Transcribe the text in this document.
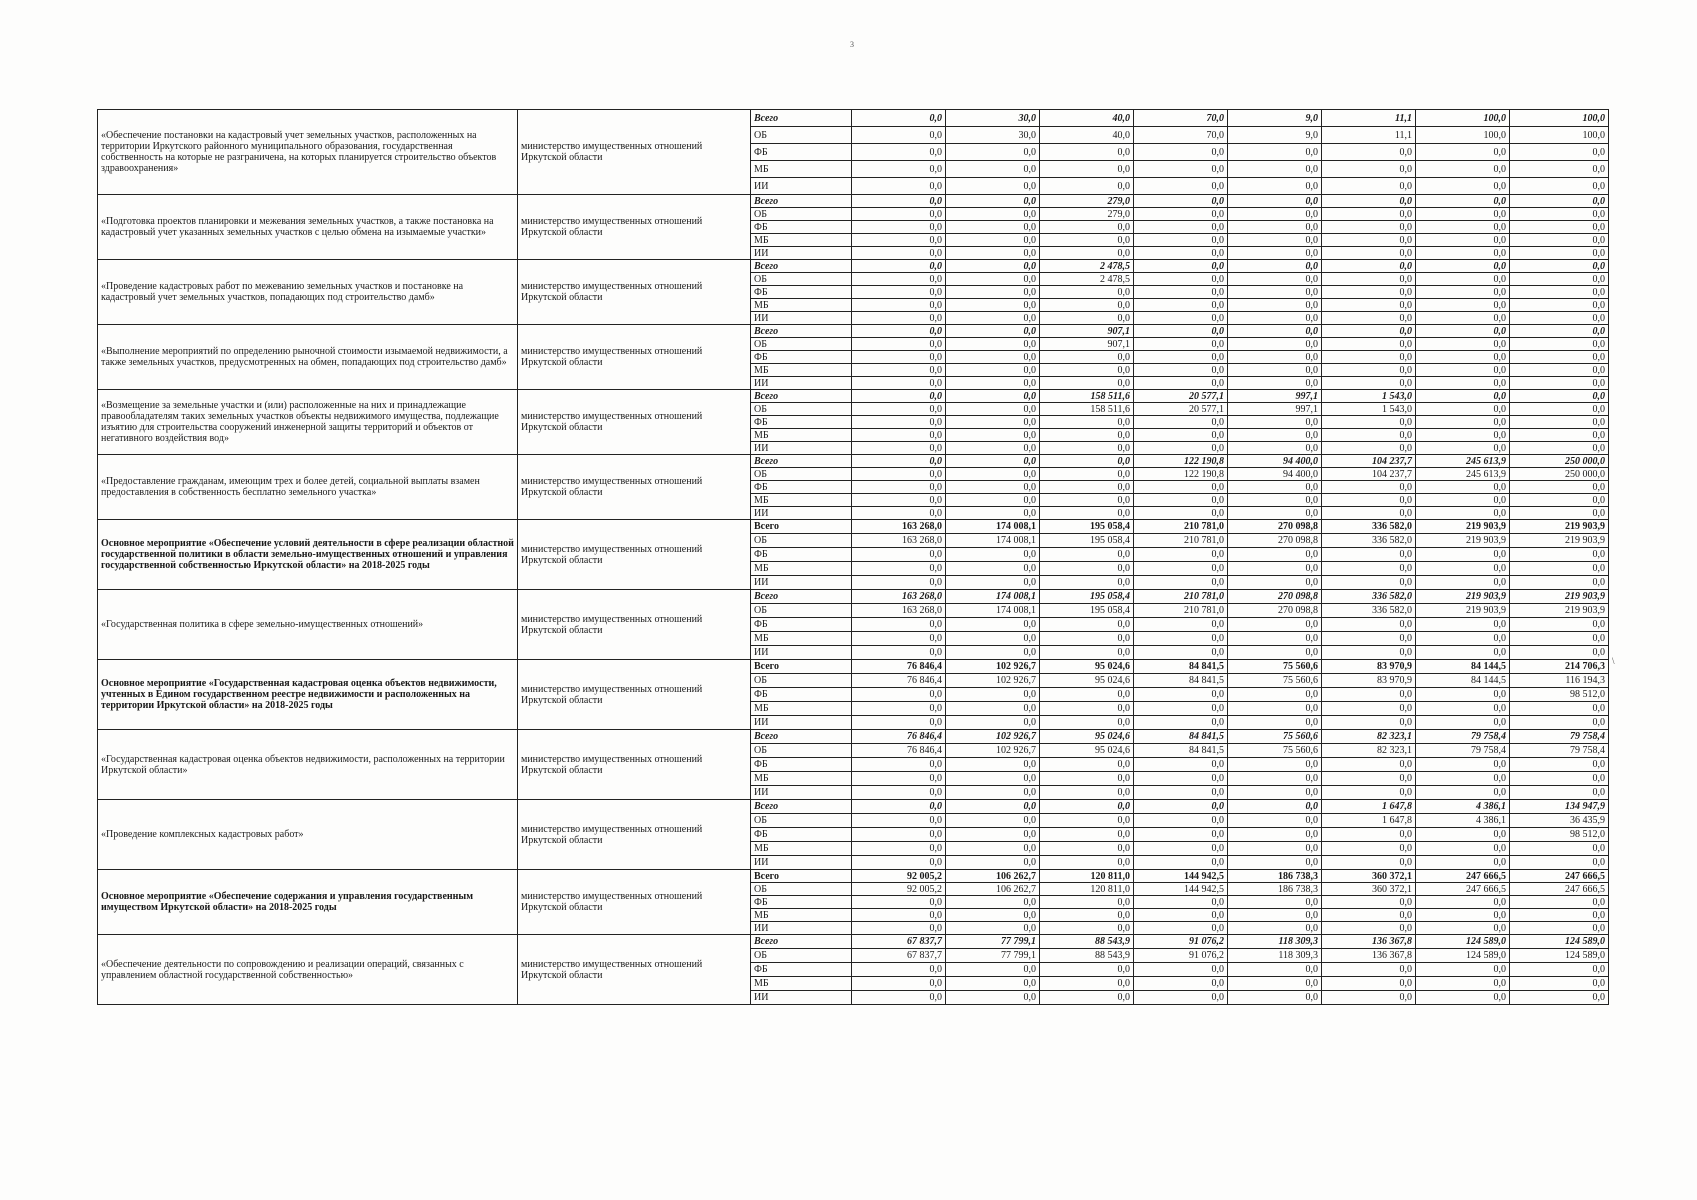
3
«Обеспечение постановки на кадастровый учет земельных участков, расположенных на территории Иркутского районного муниципального образования, государственная собственность на которые не разграничена, на которых планируется строительство объектов здравоохранения»	министерство имущественных отношений Иркутской области	Всего	0,0	30,0	40,0	70,0	9,0	11,1	100,0	100,0
		ОБ	0,0	30,0	40,0	70,0	9,0	11,1	100,0	100,0
		ФБ	0,0	0,0	0,0	0,0	0,0	0,0	0,0	0,0
		МБ	0,0	0,0	0,0	0,0	0,0	0,0	0,0	0,0
		ИИ	0,0	0,0	0,0	0,0	0,0	0,0	0,0	0,0
«Подготовка проектов планировки и межевания земельных участков, а также постановка на кадастровый учет указанных земельных участков с целью обмена на изымаемые участки»	министерство имущественных отношений Иркутской области	Всего	0,0	0,0	279,0	0,0	0,0	0,0	0,0	0,0
		ОБ	0,0	0,0	279,0	0,0	0,0	0,0	0,0	0,0
		ФБ	0,0	0,0	0,0	0,0	0,0	0,0	0,0	0,0
		МБ	0,0	0,0	0,0	0,0	0,0	0,0	0,0	0,0
		ИИ	0,0	0,0	0,0	0,0	0,0	0,0	0,0	0,0
«Проведение кадастровых работ по межеванию земельных участков и постановке на кадастровый учет земельных участков, попадающих под строительство дамб»	министерство имущественных отношений Иркутской области	Всего	0,0	0,0	2 478,5	0,0	0,0	0,0	0,0	0,0
		ОБ	0,0	0,0	2 478,5	0,0	0,0	0,0	0,0	0,0
		ФБ	0,0	0,0	0,0	0,0	0,0	0,0	0,0	0,0
		МБ	0,0	0,0	0,0	0,0	0,0	0,0	0,0	0,0
		ИИ	0,0	0,0	0,0	0,0	0,0	0,0	0,0	0,0
«Выполнение мероприятий по определению рыночной стоимости изымаемой недвижимости, а также земельных участков, предусмотренных на обмен, попадающих под строительство дамб»	министерство имущественных отношений Иркутской области	Всего	0,0	0,0	907,1	0,0	0,0	0,0	0,0	0,0
		ОБ	0,0	0,0	907,1	0,0	0,0	0,0	0,0	0,0
		ФБ	0,0	0,0	0,0	0,0	0,0	0,0	0,0	0,0
		МБ	0,0	0,0	0,0	0,0	0,0	0,0	0,0	0,0
		ИИ	0,0	0,0	0,0	0,0	0,0	0,0	0,0	0,0
«Возмещение за земельные участки и (или) расположенные на них и принадлежащие правообладателям таких земельных участков объекты недвижимого имущества, подлежащие изъятию для строительства сооружений инженерной защиты территорий и объектов от негативного воздействия вод»	министерство имущественных отношений Иркутской области	Всего	0,0	0,0	158 511,6	20 577,1	997,1	1 543,0	0,0	0,0
		ОБ	0,0	0,0	158 511,6	20 577,1	997,1	1 543,0	0,0	0,0
		ФБ	0,0	0,0	0,0	0,0	0,0	0,0	0,0	0,0
		МБ	0,0	0,0	0,0	0,0	0,0	0,0	0,0	0,0
		ИИ	0,0	0,0	0,0	0,0	0,0	0,0	0,0	0,0
«Предоставление гражданам, имеющим трех и более детей, социальной выплаты взамен предоставления в собственность бесплатно земельного участка»	министерство имущественных отношений Иркутской области	Всего	0,0	0,0	0,0	122 190,8	94 400,0	104 237,7	245 613,9	250 000,0
		ОБ	0,0	0,0	0,0	122 190,8	94 400,0	104 237,7	245 613,9	250 000,0
		ФБ	0,0	0,0	0,0	0,0	0,0	0,0	0,0	0,0
		МБ	0,0	0,0	0,0	0,0	0,0	0,0	0,0	0,0
		ИИ	0,0	0,0	0,0	0,0	0,0	0,0	0,0	0,0
Основное мероприятие «Обеспечение условий деятельности в сфере реализации областной государственной политики в области земельно-имущественных отношений и управления государственной собственностью Иркутской области» на 2018-2025 годы	министерство имущественных отношений Иркутской области	Всего	163 268,0	174 008,1	195 058,4	210 781,0	270 098,8	336 582,0	219 903,9	219 903,9
		ОБ	163 268,0	174 008,1	195 058,4	210 781,0	270 098,8	336 582,0	219 903,9	219 903,9
		ФБ	0,0	0,0	0,0	0,0	0,0	0,0	0,0	0,0
		МБ	0,0	0,0	0,0	0,0	0,0	0,0	0,0	0,0
		ИИ	0,0	0,0	0,0	0,0	0,0	0,0	0,0	0,0
«Государственная политика в сфере земельно-имущественных отношений»	министерство имущественных отношений Иркутской области	Всего	163 268,0	174 008,1	195 058,4	210 781,0	270 098,8	336 582,0	219 903,9	219 903,9
		ОБ	163 268,0	174 008,1	195 058,4	210 781,0	270 098,8	336 582,0	219 903,9	219 903,9
		ФБ	0,0	0,0	0,0	0,0	0,0	0,0	0,0	0,0
		МБ	0,0	0,0	0,0	0,0	0,0	0,0	0,0	0,0
		ИИ	0,0	0,0	0,0	0,0	0,0	0,0	0,0	0,0
Основное мероприятие «Государственная кадастровая оценка объектов недвижимости, учтенных в Едином государственном реестре недвижимости и расположенных на территории Иркутской области» на 2018-2025 годы	министерство имущественных отношений Иркутской области	Всего	76 846,4	102 926,7	95 024,6	84 841,5	75 560,6	83 970,9	84 144,5	214 706,3
		ОБ	76 846,4	102 926,7	95 024,6	84 841,5	75 560,6	83 970,9	84 144,5	116 194,3
		ФБ	0,0	0,0	0,0	0,0	0,0	0,0	0,0	98 512,0
		МБ	0,0	0,0	0,0	0,0	0,0	0,0	0,0	0,0
		ИИ	0,0	0,0	0,0	0,0	0,0	0,0	0,0	0,0
«Государственная кадастровая оценка объектов недвижимости, расположенных на территории Иркутской области»	министерство имущественных отношений Иркутской области	Всего	76 846,4	102 926,7	95 024,6	84 841,5	75 560,6	82 323,1	79 758,4	79 758,4
		ОБ	76 846,4	102 926,7	95 024,6	84 841,5	75 560,6	82 323,1	79 758,4	79 758,4
		ФБ	0,0	0,0	0,0	0,0	0,0	0,0	0,0	0,0
		МБ	0,0	0,0	0,0	0,0	0,0	0,0	0,0	0,0
		ИИ	0,0	0,0	0,0	0,0	0,0	0,0	0,0	0,0
«Проведение комплексных кадастровых работ»	министерство имущественных отношений Иркутской области	Всего	0,0	0,0	0,0	0,0	0,0	1 647,8	4 386,1	134 947,9
		ОБ	0,0	0,0	0,0	0,0	0,0	1 647,8	4 386,1	36 435,9
		ФБ	0,0	0,0	0,0	0,0	0,0	0,0	0,0	98 512,0
		МБ	0,0	0,0	0,0	0,0	0,0	0,0	0,0	0,0
		ИИ	0,0	0,0	0,0	0,0	0,0	0,0	0,0	0,0
Основное мероприятие «Обеспечение содержания и управления государственным имуществом Иркутской области» на 2018-2025 годы	министерство имущественных отношений Иркутской области	Всего	92 005,2	106 262,7	120 811,0	144 942,5	186 738,3	360 372,1	247 666,5	247 666,5
		ОБ	92 005,2	106 262,7	120 811,0	144 942,5	186 738,3	360 372,1	247 666,5	247 666,5
		ФБ	0,0	0,0	0,0	0,0	0,0	0,0	0,0	0,0
		МБ	0,0	0,0	0,0	0,0	0,0	0,0	0,0	0,0
		ИИ	0,0	0,0	0,0	0,0	0,0	0,0	0,0	0,0
«Обеспечение деятельности по сопровождению и реализации операций, связанных с управлением областной государственной собственностью»	министерство имущественных отношений Иркутской области	Всего	67 837,7	77 799,1	88 543,9	91 076,2	118 309,3	136 367,8	124 589,0	124 589,0
		ОБ	67 837,7	77 799,1	88 543,9	91 076,2	118 309,3	136 367,8	124 589,0	124 589,0
		ФБ	0,0	0,0	0,0	0,0	0,0	0,0	0,0	0,0
		МБ	0,0	0,0	0,0	0,0	0,0	0,0	0,0	0,0
		ИИ	0,0	0,0	0,0	0,0	0,0	0,0	0,0	0,0
\
